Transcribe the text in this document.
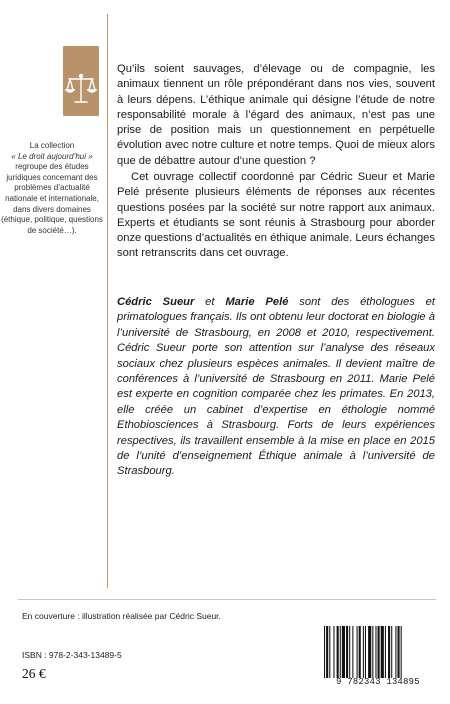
La collection
« Le droit aujourd’hui » regroupe des études juridiques concernant des problèmes d’actualité nationale et internationale, dans divers domaines (éthique, politique, questions de société…).

Qu’ils soient sauvages, d’élevage ou de compagnie, les animaux tiennent un rôle prépondérant dans nos vies, souvent à leurs dépens. L’éthique animale qui désigne l’étude de notre responsabilité morale à l’égard des animaux, n’est pas une prise de position mais un questionnement en perpétuelle évolution avec notre culture et notre temps. Quoi de mieux alors que de débattre autour d’une question ?

Cet ouvrage collectif coordonné par Cédric Sueur et Marie Pelé présente plusieurs éléments de réponses aux récentes questions posées par la société sur notre rapport aux animaux. Experts et étudiants se sont réunis à Strasbourg pour aborder onze questions d’actualités en éthique animale. Leurs échanges sont retranscrits dans cet ouvrage.

Cédric Sueur et Marie Pelé sont des éthologues et primatologues français. Ils ont obtenu leur doctorat en biologie à l’université de Strasbourg, en 2008 et 2010, respectivement. Cédric Sueur porte son attention sur l’analyse des réseaux sociaux chez plusieurs espèces animales. Il devient maître de conférences à l’université de Strasbourg en 2011. Marie Pelé est experte en cognition comparée chez les primates. En 2013, elle créée un cabinet d’expertise en éthologie nommé Ethobiosciences à Strasbourg. Forts de leurs expériences respectives, ils travaillent ensemble à la mise en place en 2015 de l’unité d’enseignement Éthique animale à l’université de Strasbourg.

En couverture : illustration réalisée par Cédric Sueur.
ISBN : 978-2-343-13489-5
26 €
9 782343 134895
